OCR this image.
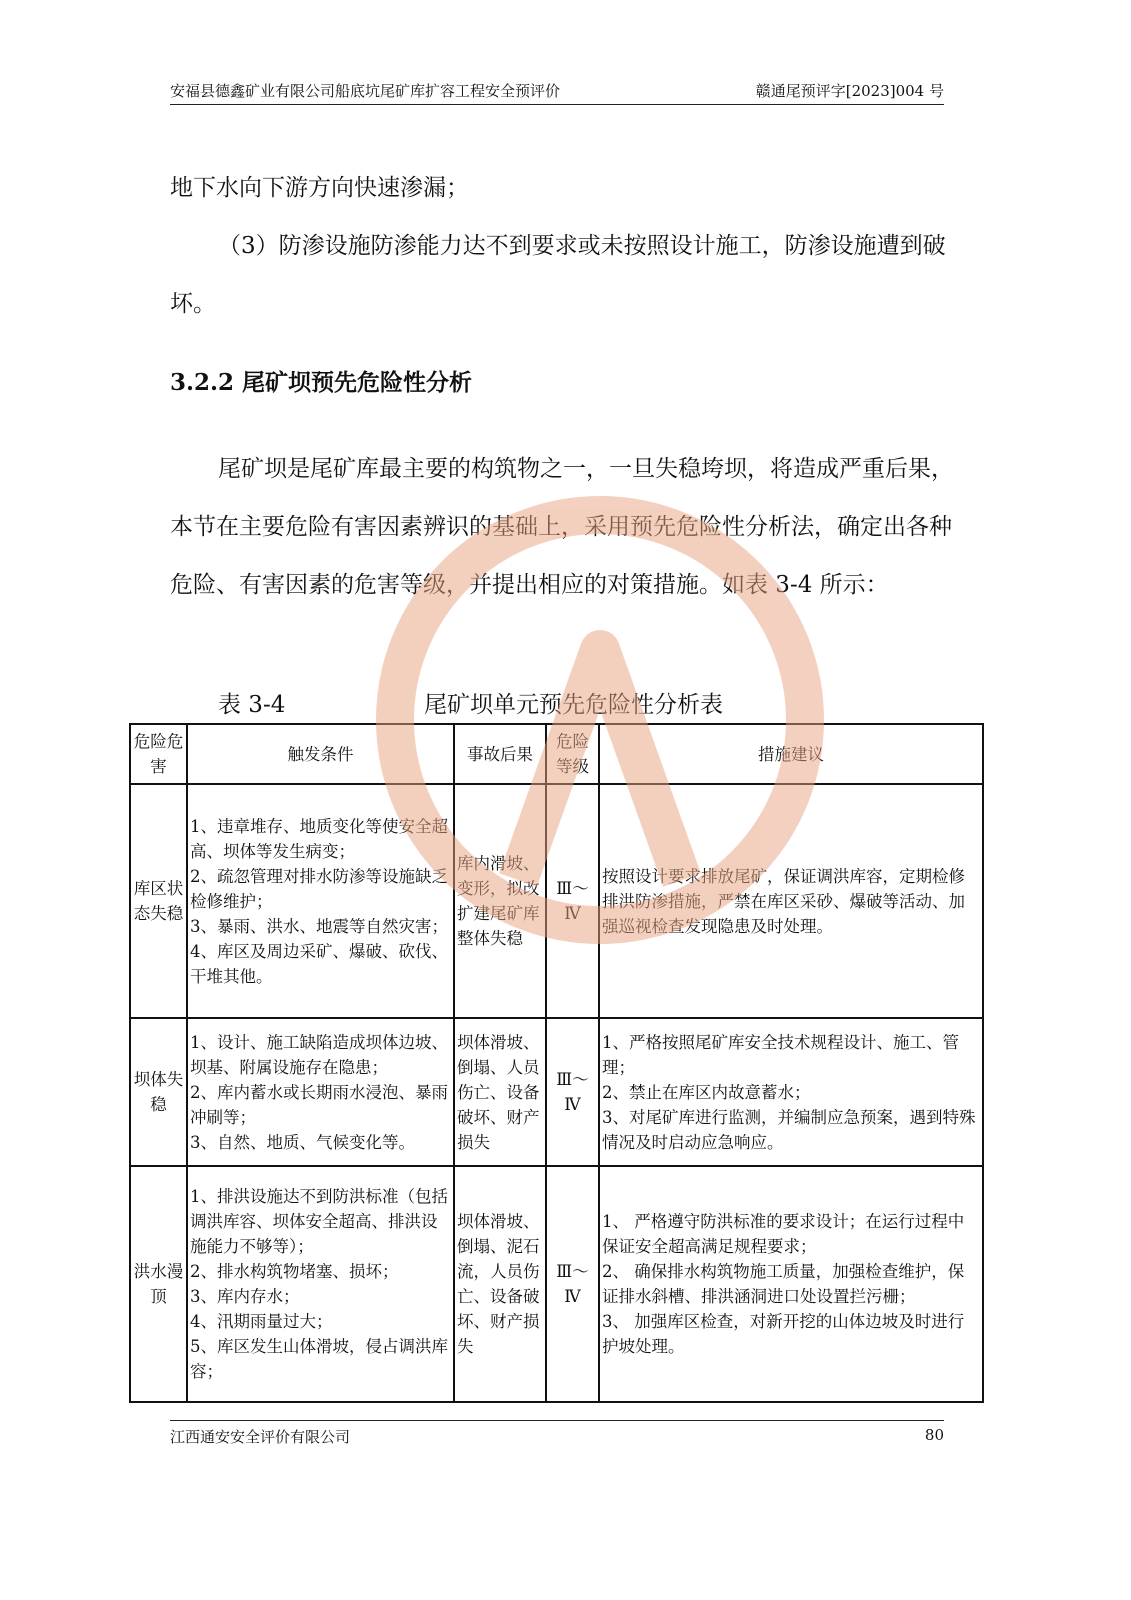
安福县德鑫矿业有限公司船底坑尾矿库扩容工程安全预评价	赣通尾预评字[2023]004 号

地下水向下游方向快速渗漏；

（3）防渗设施防渗能力达不到要求或未按照设计施工，防渗设施遭到破坏。

3.2.2 尾矿坝预先危险性分析

尾矿坝是尾矿库最主要的构筑物之一，一旦失稳垮坝，将造成严重后果，本节在主要危险有害因素辨识的基础上，采用预先危险性分析法，确定出各种危险、有害因素的危害等级，并提出相应的对策措施。如表 3-4 所示：

表 3-4	尾矿坝单元预先危险性分析表
危险危害	触发条件	事故后果	危险等级	措施建议
库区状态失稳	1、违章堆存、地质变化等使安全超高、坝体等发生病变；
2、疏忽管理对排水防渗等设施缺乏检修维护；
3、暴雨、洪水、地震等自然灾害；
4、库区及周边采矿、爆破、砍伐、干堆其他。	库内滑坡、变形，拟改扩建尾矿库整体失稳	Ⅲ～Ⅳ	按照设计要求排放尾矿，保证调洪库容，定期检修排洪防渗措施，严禁在库区采砂、爆破等活动、加强巡视检查发现隐患及时处理。

坝体失稳	1、设计、施工缺陷造成坝体边坡、坝基、附属设施存在隐患；
2、库内蓄水或长期雨水浸泡、暴雨冲刷等；
3、自然、地质、气候变化等。	坝体滑坡、倒塌、人员伤亡、设备破坏、财产损失	Ⅲ～Ⅳ	1、严格按照尾矿库安全技术规程设计、施工、管理；
2、禁止在库区内故意蓄水；
3、对尾矿库进行监测，并编制应急预案，遇到特殊情况及时启动应急响应。

洪水漫顶	1、排洪设施达不到防洪标准（包括调洪库容、坝体安全超高、排洪设施能力不够等）；
2、排水构筑物堵塞、损坏；
3、库内存水；
4、汛期雨量过大；
5、库区发生山体滑坡，侵占调洪库容；	坝体滑坡、倒塌、泥石流，人员伤亡、设备破坏、财产损失	Ⅲ～Ⅳ	1、 严格遵守防洪标准的要求设计；在运行过程中保证安全超高满足规程要求；
2、 确保排水构筑物施工质量，加强检查维护，保证排水斜槽、排洪涵洞进口处设置拦污栅；
3、 加强库区检查，对新开挖的山体边坡及时进行护坡处理。
江西通安安全评价有限公司	80
